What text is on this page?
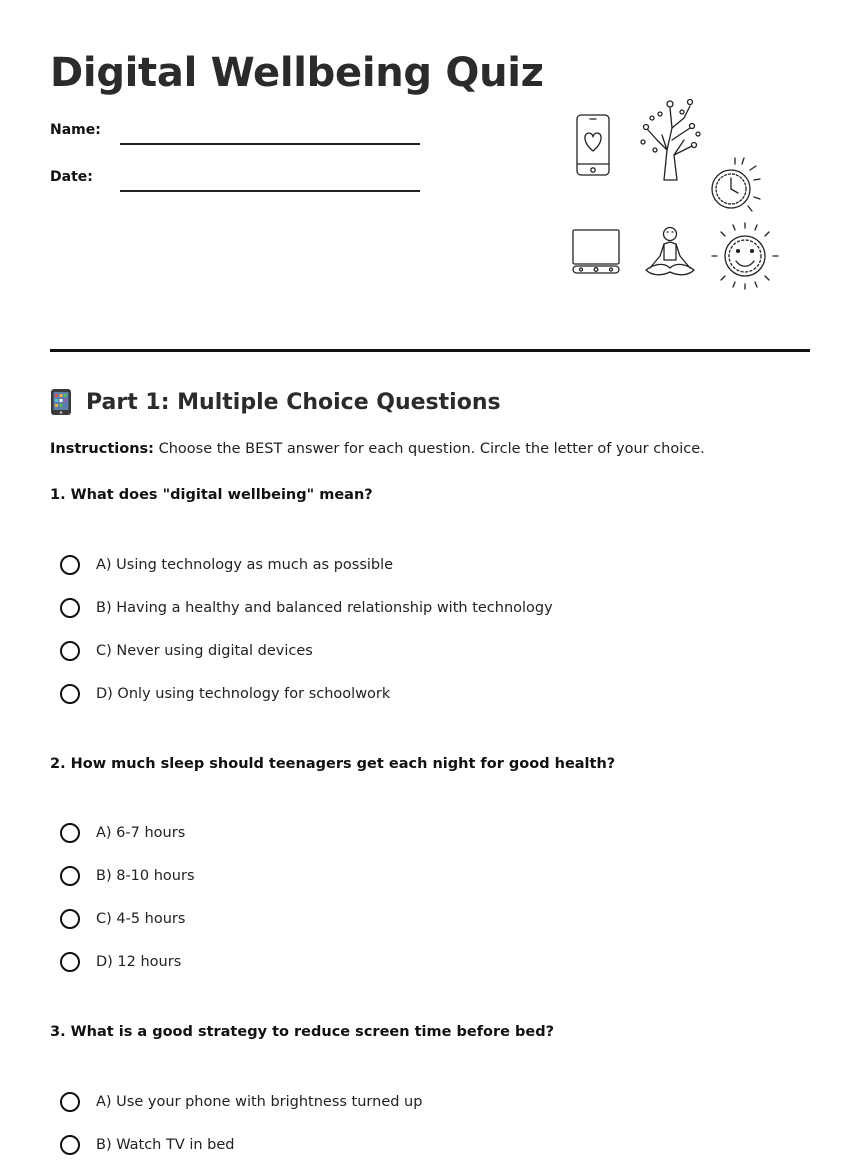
Digital Wellbeing Quiz
Name:
Date:
Part 1: Multiple Choice Questions
Instructions: Choose the BEST answer for each question. Circle the letter of your choice.
1. What does "digital wellbeing" mean?
A) Using technology as much as possible
B) Having a healthy and balanced relationship with technology
C) Never using digital devices
D) Only using technology for schoolwork
2. How much sleep should teenagers get each night for good health?
A) 6-7 hours
B) 8-10 hours
C) 4-5 hours
D) 12 hours
3. What is a good strategy to reduce screen time before bed?
A) Use your phone with brightness turned up
B) Watch TV in bed
